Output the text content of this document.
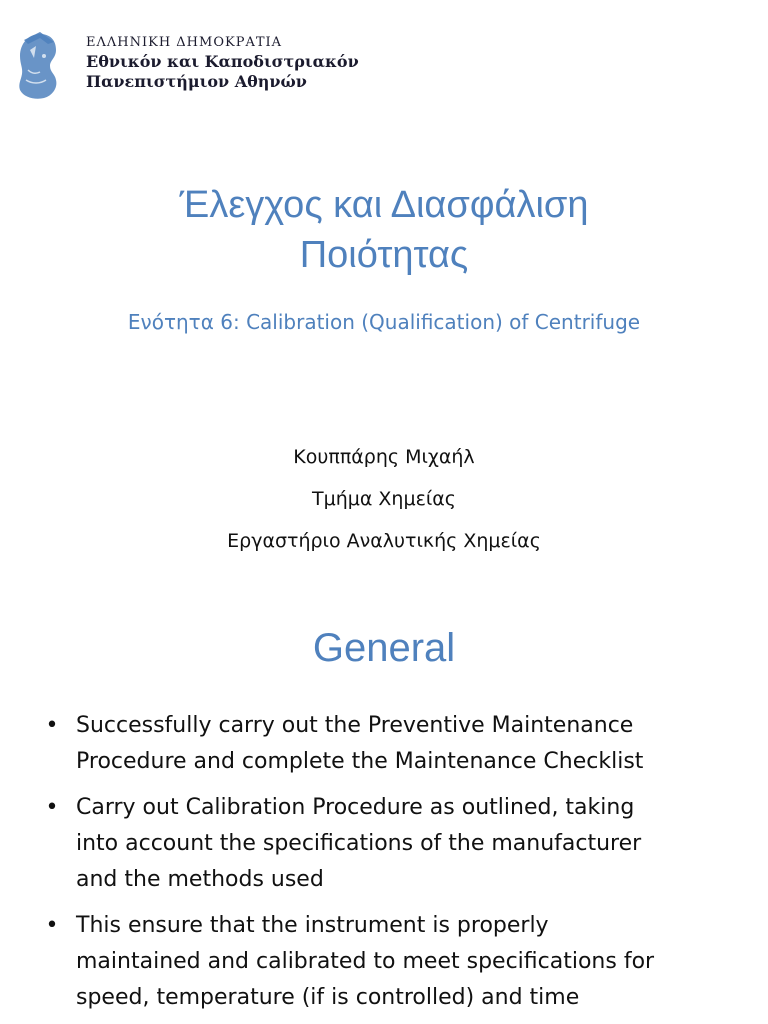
ΕΛΛΗΝΙΚΗ ΔΗΜΟΚΡΑΤΙΑ
Εθνικόν και Καποδιστριακόν
Πανεπιστήμιον Αθηνών
Έλεγχος και Διασφάλιση
Ποιότητας
Ενότητα 6: Calibration (Qualification) of Centrifuge
Κουππάρης Μιχαήλ
Τμήμα Χημείας
Εργαστήριο Αναλυτικής Χημείας
General
• Successfully carry out the Preventive Maintenance
Procedure and complete the Maintenance Checklist
• Carry out Calibration Procedure as outlined, taking
into account the specifications of the manufacturer
and the methods used
• This ensure that the instrument is properly
maintained and calibrated to meet specifications for
speed, temperature (if is controlled) and time
